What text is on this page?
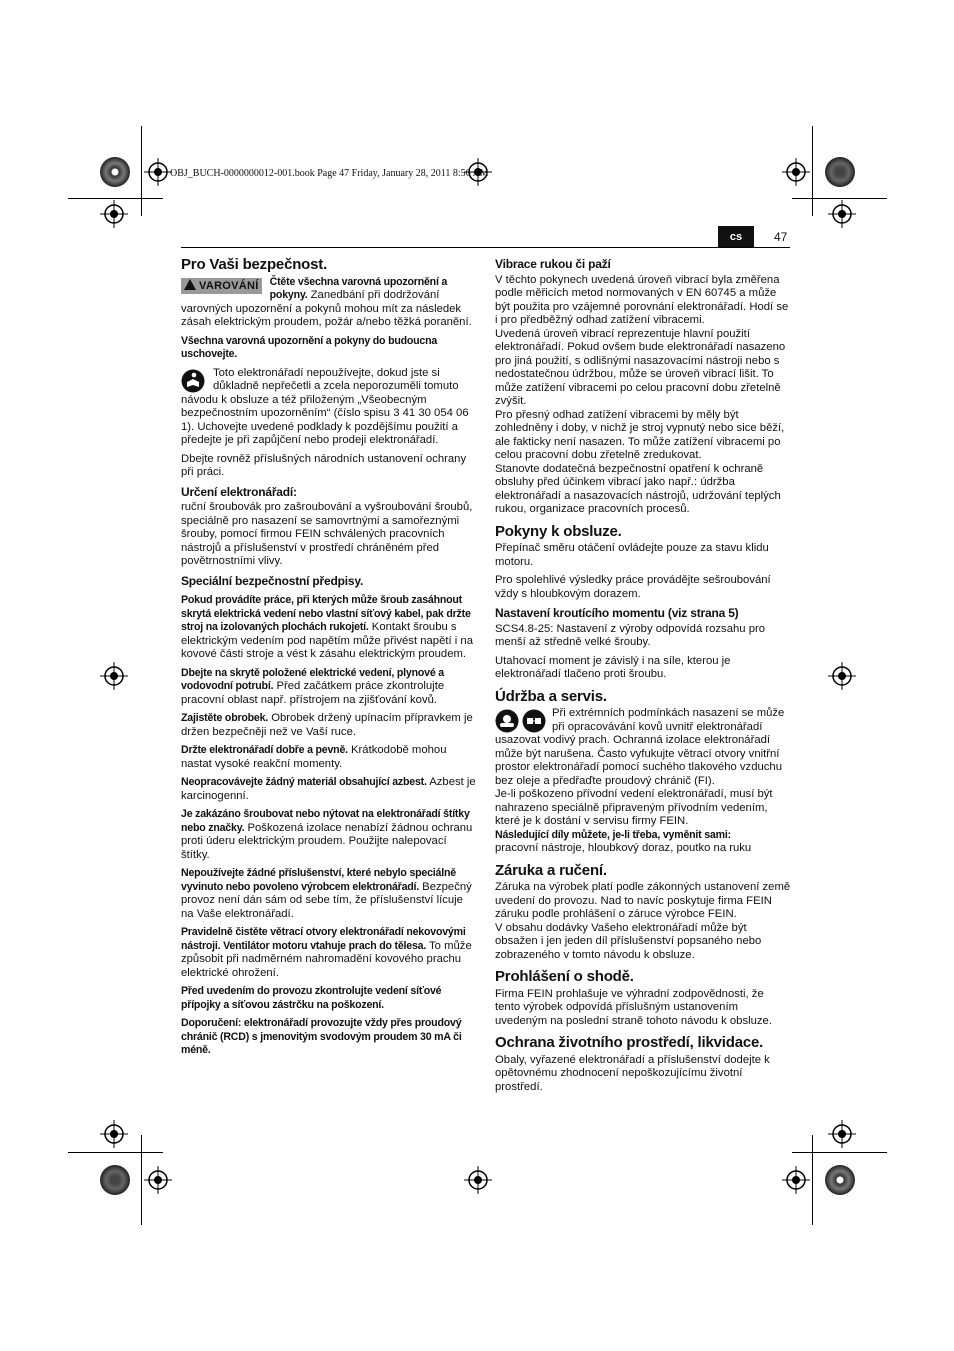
OBJ_BUCH-0000000012-001.book Page 47 Friday, January 28, 2011 8:56 AM
cs	47
Pro Vaši bezpečnost.

VAROVÁNÍ Čtěte všechna varovná upozornění a pokyny. Zanedbání při dodržování varovných upozornění a pokynů mohou mít za následek zásah elektrickým proudem, požár a/nebo těžká poranění.

Všechna varovná upozornění a pokyny do budoucna uschovejte.

Toto elektronářadí nepoužívejte, dokud jste si důkladně nepřečetli a zcela neporozuměli tomuto návodu k obsluze a též přiloženým „Všeobecným bezpečnostním upozorněním“ (číslo spisu 3 41 30 054 06 1). Uchovejte uvedené podklady k pozdějšímu použití a předejte je při zapůjčení nebo prodeji elektronářadí.

Dbejte rovněž příslušných národních ustanovení ochrany při práci.

Určení elektronářadí:

ruční šroubovák pro zašroubování a vyšroubování šroubů, speciálně pro nasazení se samovrtnými a samořeznými šrouby, pomocí firmou FEIN schválených pracovních nástrojů a příslušenství v prostředí chráněném před povětrnostními vlivy.

Speciální bezpečnostní předpisy.

Pokud provádíte práce, při kterých může šroub zasáhnout skrytá elektrická vedení nebo vlastní síťový kabel, pak držte stroj na izolovaných plochách rukojetí. Kontakt šroubu s elektrickým vedením pod napětím může přivést napětí i na kovové části stroje a vést k zásahu elektrickým proudem.

Dbejte na skrytě položené elektrické vedení, plynové a vodovodní potrubí. Před začátkem práce zkontrolujte pracovní oblast např. přístrojem na zjišťování kovů.

Zajistěte obrobek. Obrobek držený upínacím přípravkem je držen bezpečněji než ve Vaší ruce.

Držte elektronářadí dobře a pevně. Krátkodobě mohou nastat vysoké reakční momenty.

Neopracovávejte žádný materiál obsahující azbest. Azbest je karcinogenní.

Je zakázáno šroubovat nebo nýtovat na elektronářadí štítky nebo značky. Poškozená izolace nenabízí žádnou ochranu proti úderu elektrickým proudem. Použijte nalepovací štítky.

Nepoužívejte žádné příslušenství, které nebylo speciálně vyvinuto nebo povoleno výrobcem elektronářadí. Bezpečný provoz není dán sám od sebe tím, že příslušenství lícuje na Vaše elektronářadí.

Pravidelně čistěte větrací otvory elektronářadí nekovovými nástroji. Ventilátor motoru vtahuje prach do tělesa. To může způsobit při nadměrném nahromadění kovového prachu elektrické ohrožení.

Před uvedením do provozu zkontrolujte vedení síťové přípojky a síťovou zástrčku na poškození.

Doporučení: elektronářadí provozujte vždy přes proudový chránič (RCD) s jmenovitým svodovým proudem 30 mA či méně.

Vibrace rukou či paží

V těchto pokynech uvedená úroveň vibrací byla změřena podle měřicích metod normovaných v EN 60745 a může být použita pro vzájemné porovnání elektronářadí. Hodí se i pro předběžný odhad zatížení vibracemi.

Uvedená úroveň vibrací reprezentuje hlavní použití elektronářadí. Pokud ovšem bude elektronářadí nasazeno pro jiná použití, s odlišnými nasazovacími nástroji nebo s nedostatečnou údržbou, může se úroveň vibrací lišit. To může zatížení vibracemi po celou pracovní dobu zřetelně zvýšit.

Pro přesný odhad zatížení vibracemi by měly být zohledněny i doby, v nichž je stroj vypnutý nebo sice běží, ale fakticky není nasazen. To může zatížení vibracemi po celou pracovní dobu zřetelně zredukovat.

Stanovte dodatečná bezpečnostní opatření k ochraně obsluhy před účinkem vibrací jako např.: údržba elektronářadí a nasazovacích nástrojů, udržování teplých rukou, organizace pracovních procesů.

Pokyny k obsluze.

Přepínač směru otáčení ovládejte pouze za stavu klidu motoru.

Pro spolehlivé výsledky práce provádějte sešroubování vždy s hloubkovým dorazem.

Nastavení kroutícího momentu (viz strana 5)

SCS4.8-25: Nastavení z výroby odpovídá rozsahu pro menší až středně velké šrouby.

Utahovací moment je závislý i na síle, kterou je elektronářadí tlačeno proti šroubu.

Údržba a servis.

Při extrémních podmínkách nasazení se může při opracovávání kovů uvnitř elektronářadí usazovat vodivý prach. Ochranná izolace elektronářadí může být narušena. Často vyfukujte větrací otvory vnitřní prostor elektronářadí pomocí suchého tlakového vzduchu bez oleje a předřaďte proudový chránič (FI).

Je-li poškozeno přívodní vedení elektronářadí, musí být nahrazeno speciálně připraveným přívodním vedením, které je k dostání v servisu firmy FEIN.

Následující díly můžete, je-li třeba, vyměnit sami:
pracovní nástroje, hloubkový doraz, poutko na ruku

Záruka a ručení.

Záruka na výrobek platí podle zákonných ustanovení země uvedení do provozu. Nad to navíc poskytuje firma FEIN záruku podle prohlášení o záruce výrobce FEIN.

V obsahu dodávky Vašeho elektronářadí může být obsažen i jen jeden díl příslušenství popsaného nebo zobrazeného v tomto návodu k obsluze.

Prohlášení o shodě.

Firma FEIN prohlašuje ve výhradní zodpovědnosti, že tento výrobek odpovídá příslušným ustanovením uvedeným na poslední straně tohoto návodu k obsluze.

Ochrana životního prostředí, likvidace.

Obaly, vyřazené elektronářadí a příslušenství dodejte k opětovnému zhodnocení nepoškozujícímu životní prostředí.
